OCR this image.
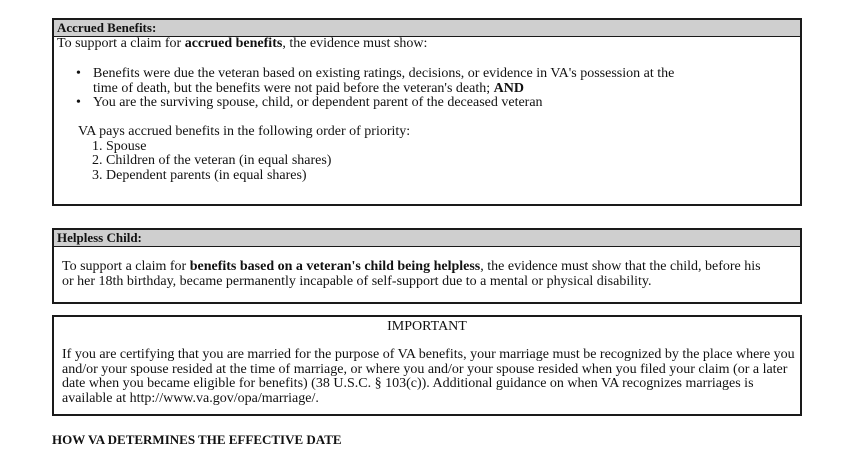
Accrued Benefits:
To support a claim for accrued benefits, the evidence must show:
• Benefits were due the veteran based on existing ratings, decisions, or evidence in VA's possession at the
time of death, but the benefits were not paid before the veteran's death; AND
• You are the surviving spouse, child, or dependent parent of the deceased veteran
VA pays accrued benefits in the following order of priority:
1. Spouse
2. Children of the veteran (in equal shares)
3. Dependent parents (in equal shares)
Helpless Child:
To support a claim for benefits based on a veteran's child being helpless, the evidence must show that the child, before his
or her 18th birthday, became permanently incapable of self-support due to a mental or physical disability.
IMPORTANT
If you are certifying that you are married for the purpose of VA benefits, your marriage must be recognized by the place where you
and/or your spouse resided at the time of marriage, or where you and/or your spouse resided when you filed your claim (or a later
date when you became eligible for benefits) (38 U.S.C. § 103(c)). Additional guidance on when VA recognizes marriages is
available at http://www.va.gov/opa/marriage/.
HOW VA DETERMINES THE EFFECTIVE DATE
